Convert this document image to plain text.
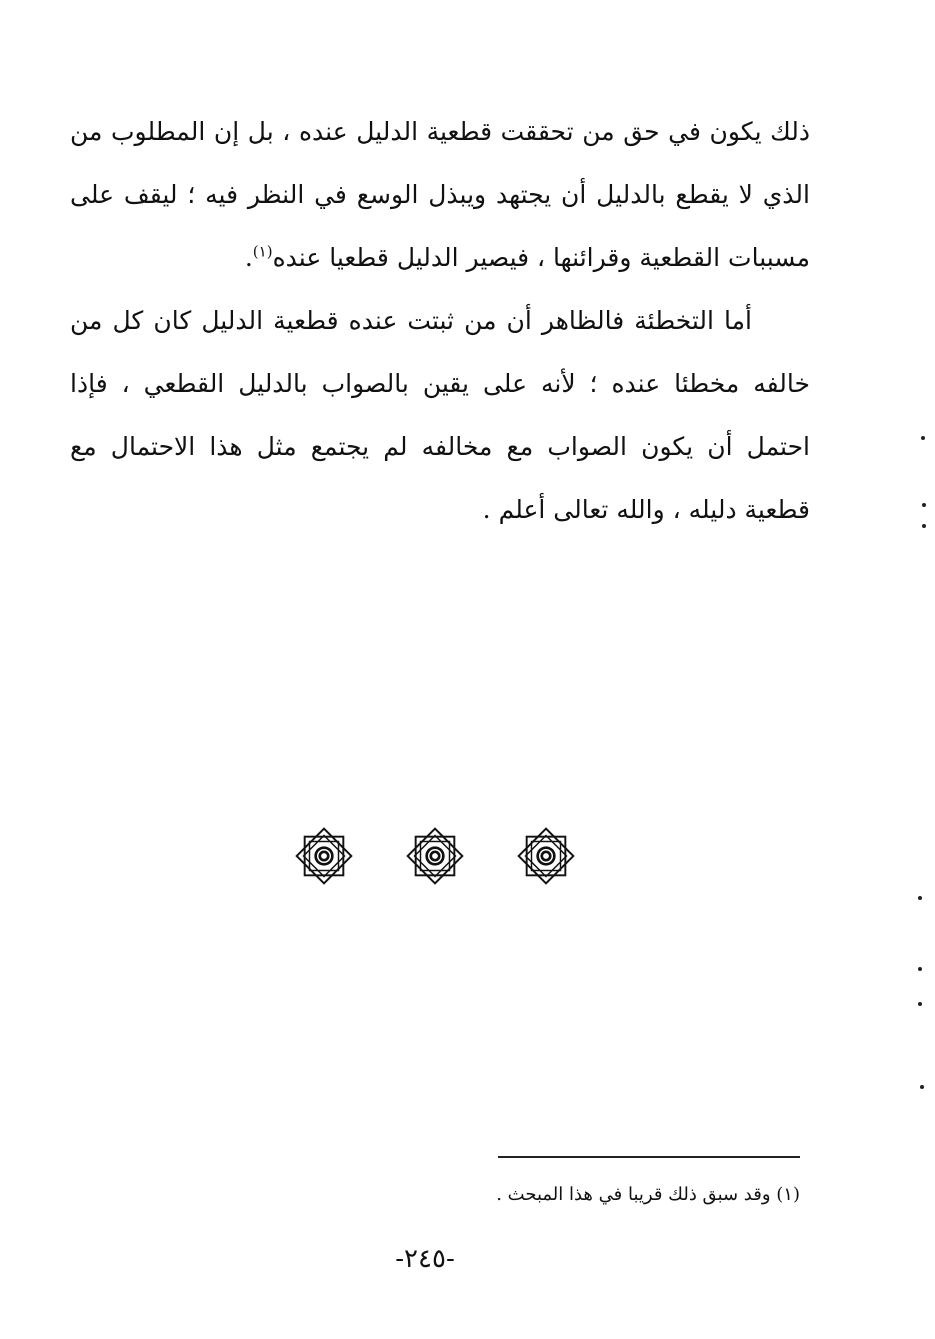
ذلك يكون في حق من تحققت قطعية الدليل عنده ، بل إن المطلوب من الذي لا يقطع بالدليل أن يجتهد ويبذل الوسع في النظر فيه ؛ ليقف على مسببات القطعية وقرائنها ، فيصير الدليل قطعيا عنده$^{(١)}$.

أما التخطئة فالظاهر أن من ثبتت عنده قطعية الدليل كان كل من خالفه مخطئا عنده ؛ لأنه على يقين بالصواب بالدليل القطعي ، فإذا احتمل أن يكون الصواب مع مخالفه لم يجتمع مثل هذا الاحتمال مع قطعية دليله ، والله تعالى أعلم .

(١) وقد سبق ذلك قريبا في هذا المبحث .
-٢٤٥-
